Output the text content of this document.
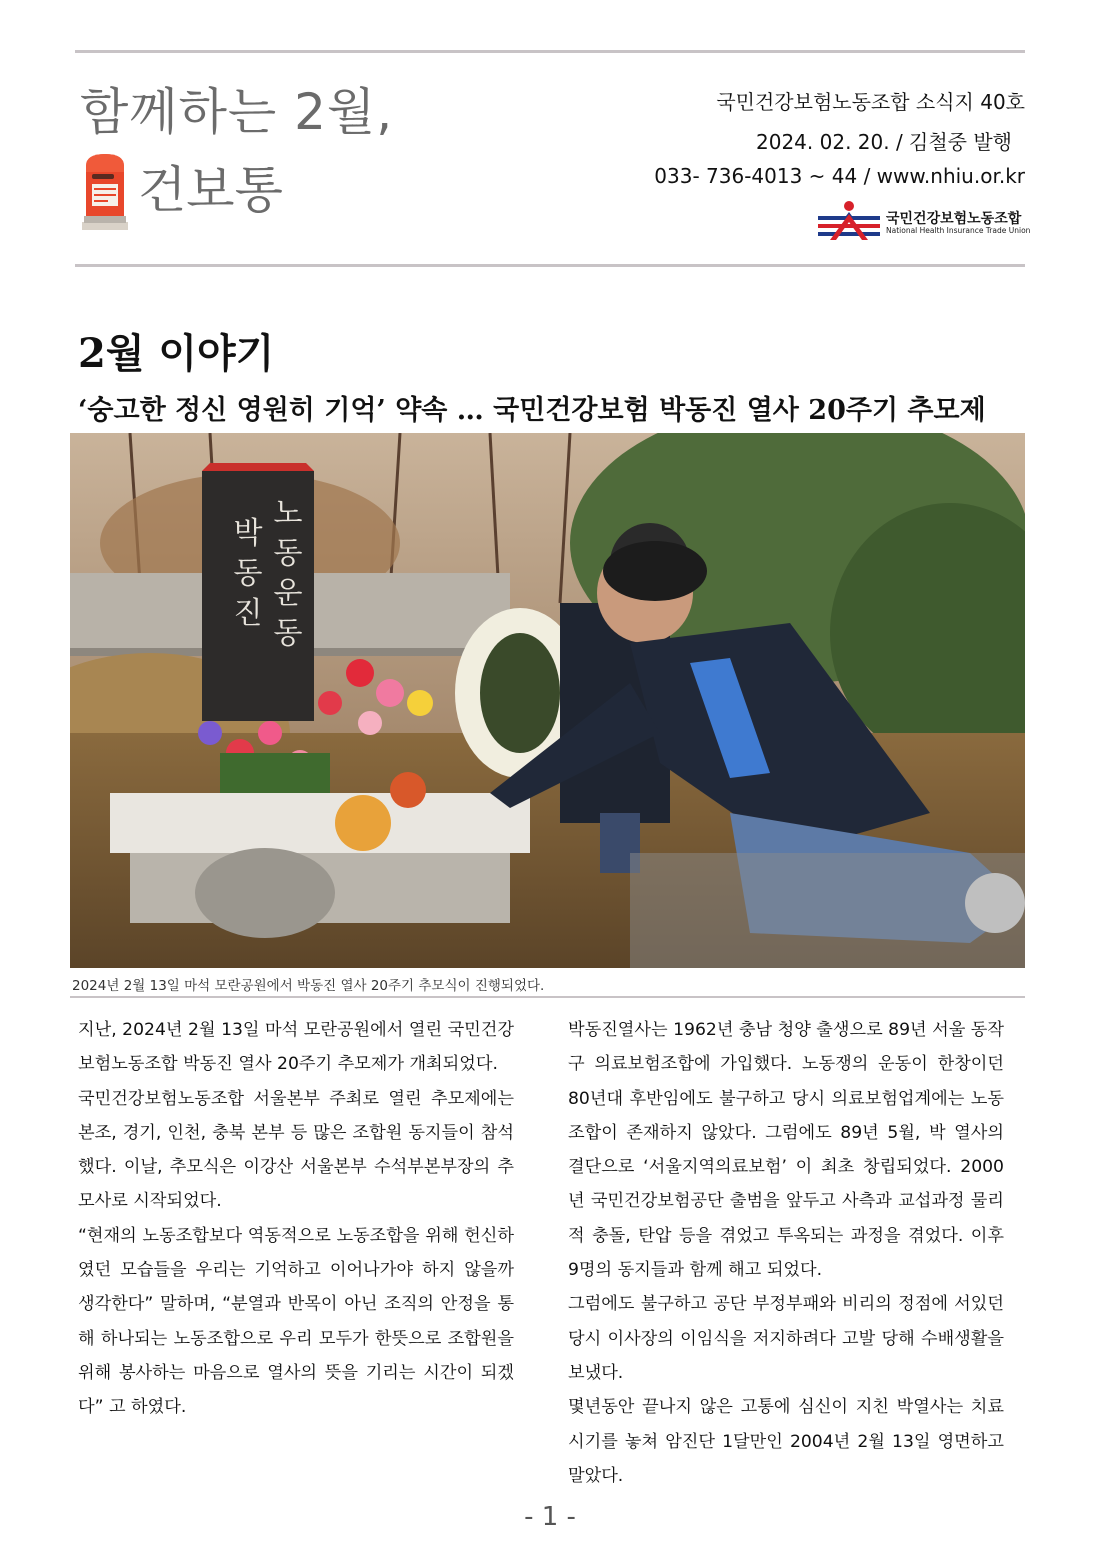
함께하는 2월,
건보통
국민건강보험노동조합 소식지 40호
2024. 02. 20. / 김철중 발행
033- 736-4013 ~ 44 / www.nhiu.or.kr
국민건강보험노동조합
National Health Insurance Trade Union
2월 이야기
‘숭고한 정신 영원히 기억’ 약속 … 국민건강보험 박동진 열사 20주기 추모제
노
동
운
동
박
동
진
2024년 2월 13일 마석 모란공원에서 박동진 열사 20주기 추모식이 진행되었다.

지난, 2024년 2월 13일 마석 모란공원에서 열린 국민건강보험노동조합 박동진 열사 20주기 추모제가 개최되었다.

국민건강보험노동조합 서울본부 주최로 열린 추모제에는 본조, 경기, 인천, 충북 본부 등 많은 조합원 동지들이 참석했다. 이날, 추모식은 이강산 서울본부 수석부본부장의 추모사로 시작되었다.

“현재의 노동조합보다 역동적으로 노동조합을 위해 헌신하였던 모습들을 우리는 기억하고 이어나가야 하지 않을까 생각한다” 말하며, “분열과 반목이 아닌 조직의 안정을 통해 하나되는 노동조합으로 우리 모두가 한뜻으로 조합원을 위해 봉사하는 마음으로 열사의 뜻을 기리는 시간이 되겠다” 고 하였다.

박동진열사는 1962년 충남 청양 출생으로 89년 서울 동작구 의료보험조합에 가입했다. 노동쟁의 운동이 한창이던 80년대 후반임에도 불구하고 당시 의료보험업계에는 노동조합이 존재하지 않았다. 그럼에도 89년 5월, 박 열사의 결단으로 ‘서울지역의료보험’ 이 최초 창립되었다. 2000년 국민건강보험공단 출범을 앞두고 사측과 교섭과정 물리적 충돌, 탄압 등을 겪었고 투옥되는 과정을 겪었다. 이후 9명의 동지들과 함께 해고 되었다.

그럼에도 불구하고 공단 부정부패와 비리의 정점에 서있던 당시 이사장의 이임식을 저지하려다 고발 당해 수배생활을 보냈다.

몇년동안 끝나지 않은 고통에 심신이 지친 박열사는 치료 시기를 놓쳐 암진단 1달만인 2004년 2월 13일 영면하고 말았다.

- 1 -
